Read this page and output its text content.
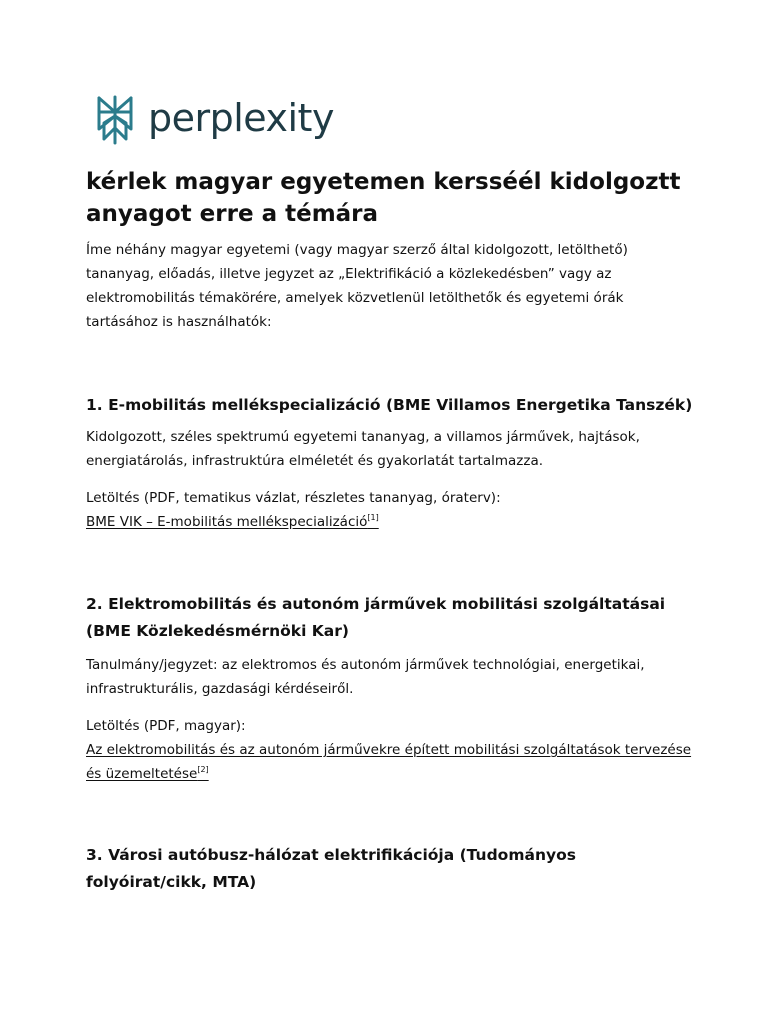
perplexity
kérlek magyar egyetemen kersséél kidolgoztt anyagot erre a témára

Íme néhány magyar egyetemi (vagy magyar szerző által kidolgozott, letölthető) tananyag, előadás, illetve jegyzet az „Elektrifikáció a közlekedésben” vagy az elektromobilitás témakörére, amelyek közvetlenül letölthetők és egyetemi órák tartásához is használhatók:

1. E-mobilitás mellékspecializáció (BME Villamos Energetika Tanszék)

Kidolgozott, széles spektrumú egyetemi tananyag, a villamos járművek, hajtások, energiatárolás, infrastruktúra elméletét és gyakorlatát tartalmazza.

Letöltés (PDF, tematikus vázlat, részletes tananyag, óraterv):
BME VIK – E-mobilitás mellékspecializáció[1]

2. Elektromobilitás és autonóm járművek mobilitási szolgáltatásai (BME Közlekedésmérnöki Kar)

Tanulmány/jegyzet: az elektromos és autonóm járművek technológiai, energetikai, infrastrukturális, gazdasági kérdéseiről.

Letöltés (PDF, magyar):
Az elektromobilitás és az autonóm járművekre épített mobilitási szolgáltatások tervezése és üzemeltetése[2]

3. Városi autóbusz-hálózat elektrifikációja (Tudományos folyóirat/cikk, MTA)
